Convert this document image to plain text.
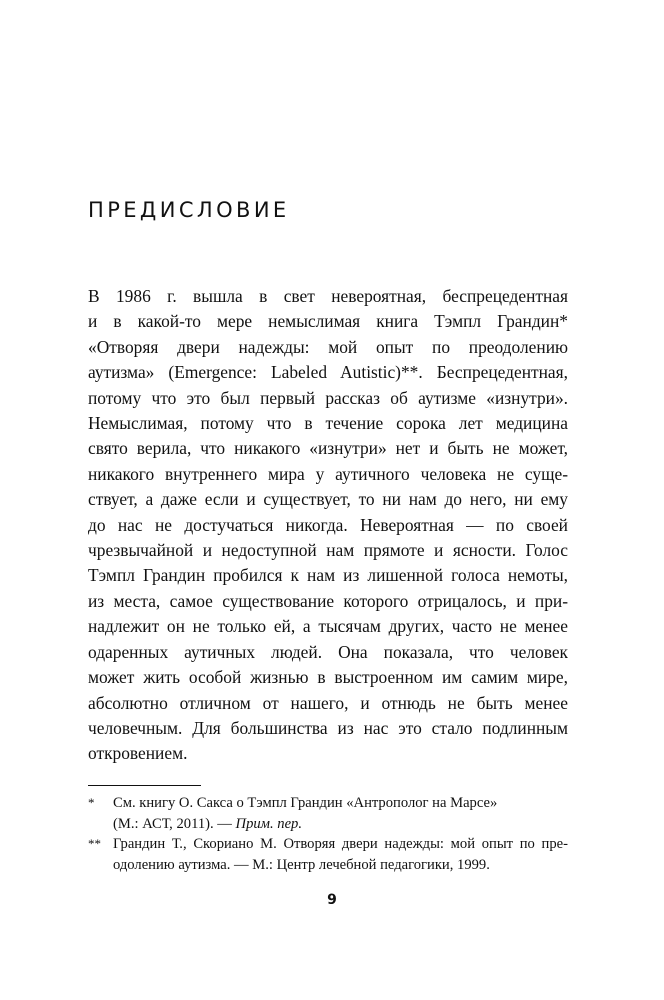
ПРЕДИСЛОВИЕ
В 1986 г. вышла в свет невероятная, беспрецедентная
и в какой-то мере немыслимая книга Тэмпл Грандин*
«Отворяя двери надежды: мой опыт по преодолению
аутизма» (Emergence: Labeled Autistic)**. Беспрецедентная,
потому что это был первый рассказ об аутизме «изнутри».
Немыслимая, потому что в течение сорока лет медицина
свято верила, что никакого «изнутри» нет и быть не может,
никакого внутреннего мира у аутичного человека не суще-
ствует, а даже если и существует, то ни нам до него, ни ему
до нас не достучаться никогда. Невероятная — по своей
чрезвычайной и недоступной нам прямоте и ясности. Голос
Тэмпл Грандин пробился к нам из лишенной голоса немоты,
из места, самое существование которого отрицалось, и при-
надлежит он не только ей, а тысячам других, часто не менее
одаренных аутичных людей. Она показала, что человек
может жить особой жизнью в выстроенном им самим мире,
абсолютно отличном от нашего, и отнюдь не быть менее
человечным. Для большинства из нас это стало подлинным
откровением.
* См. книгу О. Сакса о Тэмпл Грандин «Антрополог на Марсе»
(М.: АСТ, 2011). — Прим. пер.
** Грандин Т., Скориано М. Отворяя двери надежды: мой опыт по пре-
одолению аутизма. — М.: Центр лечебной педагогики, 1999.
9
